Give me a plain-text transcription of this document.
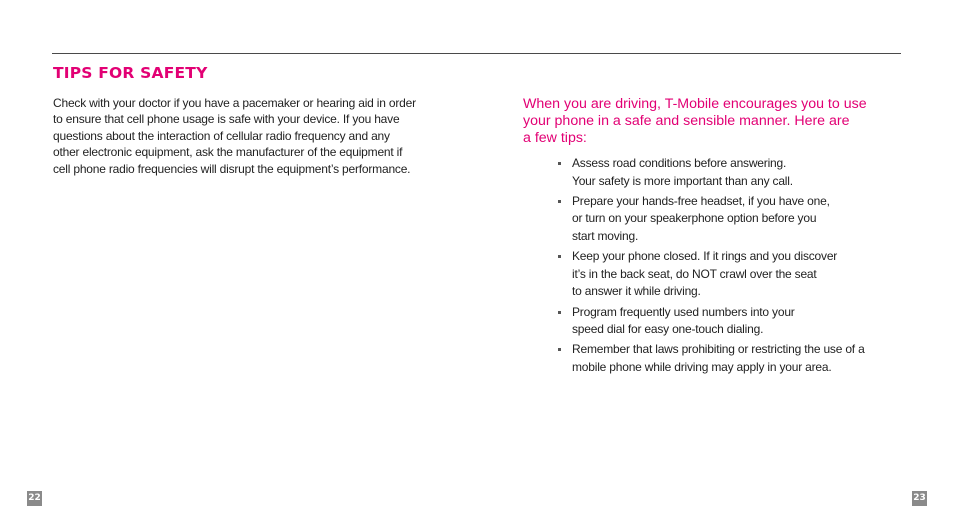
TIPS FOR SAFETY

Check with your doctor if you have a pacemaker or hearing aid in order
to ensure that cell phone usage is safe with your device. If you have
questions about the interaction of cellular radio frequency and any
other electronic equipment, ask the manufacturer of the equipment if
cell phone radio frequencies will disrupt the equipment’s performance.

When you are driving, T-Mobile encourages you to use
your phone in a safe and sensible manner. Here are
a few tips:

Assess road conditions before answering.
Your safety is more important than any call.
Prepare your hands-free headset, if you have one,
or turn on your speakerphone option before you
start moving.
Keep your phone closed. If it rings and you discover
it’s in the back seat, do NOT crawl over the seat
to answer it while driving.
Program frequently used numbers into your
speed dial for easy one-touch dialing.
Remember that laws prohibiting or restricting the use of a
mobile phone while driving may apply in your area.
22	23
